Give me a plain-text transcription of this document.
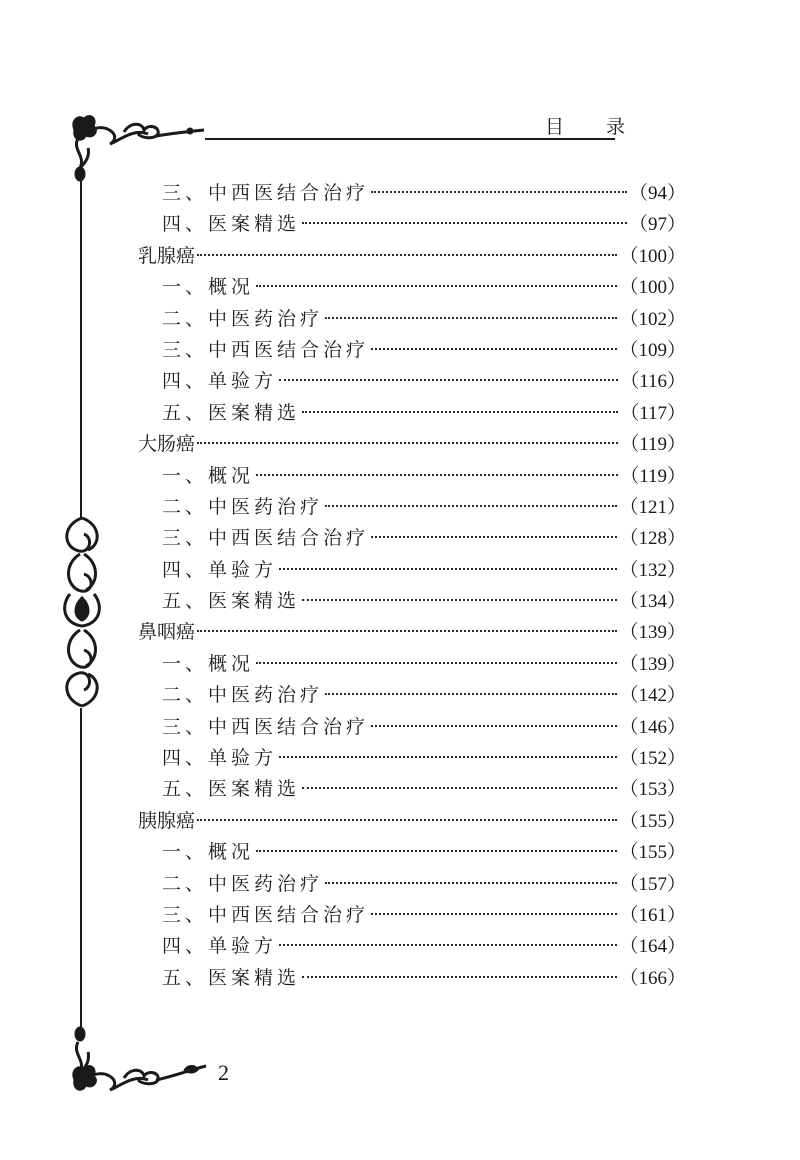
目 录
三、中西医结合治疗	（94）
四、医案精选	（97）
乳腺癌	（100）
一、概况	（100）
二、中医药治疗	（102）
三、中西医结合治疗	（109）
四、单验方	（116）
五、医案精选	（117）
大肠癌	（119）
一、概况	（119）
二、中医药治疗	（121）
三、中西医结合治疗	（128）
四、单验方	（132）
五、医案精选	（134）
鼻咽癌	（139）
一、概况	（139）
二、中医药治疗	（142）
三、中西医结合治疗	（146）
四、单验方	（152）
五、医案精选	（153）
胰腺癌	（155）
一、概况	（155）
二、中医药治疗	（157）
三、中西医结合治疗	（161）
四、单验方	（164）
五、医案精选	（166）
2
